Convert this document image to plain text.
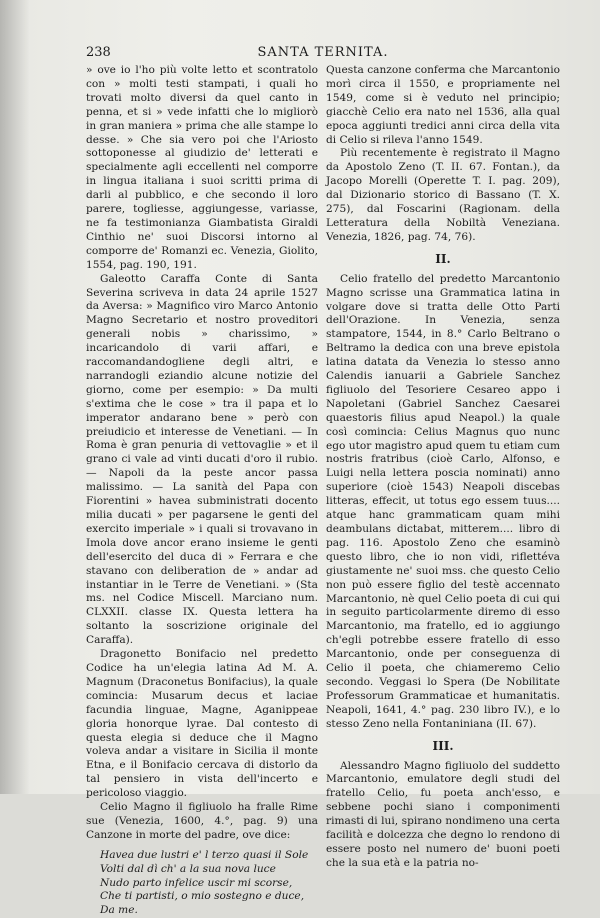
238	SANTA TERNITA.

» ove io l'ho più volte letto et scontratolo con » molti testi stampati, i quali ho trovati molto diversi da quel canto in penna, et si » vede infatti che lo migliorò in gran maniera » prima che alle stampe lo desse. » Che sia vero poi che l'Ariosto sottoponesse al giudizio de' letterati e specialmente agli eccellenti nel comporre in lingua italiana i suoi scritti prima di darli al pubblico, e che secondo il loro parere, togliesse, aggiungesse, variasse, ne fa testimonianza Giambatista Giraldi Cinthio ne' suoi Discorsi intorno al comporre de' Romanzi ec. Venezia, Giolito, 1554, pag. 190, 191.

Galeotto Caraffa Conte di Santa Severina scriveva in data 24 aprile 1527 da Aversa: » Magnifico viro Marco Antonio Magno Secretario et nostro proveditori generali nobis » charissimo, » incaricandolo di varii affari, e raccomandandogliene degli altri, e narrandogli eziandio alcune notizie del giorno, come per esempio: » Da multi s'extima che le cose » tra il papa et lo imperator andarano bene » però con preiudicio et interesse de Venetiani. — In Roma è gran penuria di vettovaglie » et il grano ci vale ad vinti ducati d'oro il rubio. — Napoli da la peste ancor passa malissimo. — La sanità del Papa con Fiorentini » havea subministrati docento milia ducati » per pagarsene le genti del exercito imperiale » i quali si trovavano in Imola dove ancor erano insieme le genti dell'esercito del duca di » Ferrara e che stavano con deliberation de » andar ad instantiar in le Terre de Venetiani. » (Sta ms. nel Codice Miscell. Marciano num. CLXXII. classe IX. Questa lettera ha soltanto la soscrizione originale del Caraffa).

Dragonetto Bonifacio nel predetto Codice ha un'elegia latina Ad M. A. Magnum (Draconetus Bonifacius), la quale comincia: Musarum decus et laciae facundia linguae, Magne, Aganippeae gloria honorque lyrae. Dal contesto di questa elegia si deduce che il Magno voleva andar a visitare in Sicilia il monte Etna, e il Bonifacio cercava di distorlo da tal pensiero in vista dell'incerto e pericoloso viaggio.

Celio Magno il figliuolo ha fralle Rime sue (Venezia, 1600, 4.°, pag. 9) una Canzone in morte del padre, ove dice:

Havea due lustri e' l terzo quasi il Sole
Volti dal dì ch' a la sua nova luce
Nudo parto infelice uscir mi scorse,
Che ti partisti, o mio sostegno e duce,
Da me.

Questa canzone conferma che Marcantonio morì circa il 1550, e propriamente nel 1549, come si è veduto nel principio; giacchè Celio era nato nel 1536, alla qual epoca aggiunti tredici anni circa della vita di Celio si rileva l'anno 1549.

Più recentemente è registrato il Magno da Apostolo Zeno (T. II. 67. Fontan.), da Jacopo Morelli (Operette T. I. pag. 209), dal Dizionario storico di Bassano (T. X. 275), dal Foscarini (Ragionam. della Letteratura della Nobiltà Veneziana. Venezia, 1826, pag. 74, 76).

II.

Celio fratello del predetto Marcantonio Magno scrisse una Grammatica latina in volgare dove si tratta delle Otto Parti dell'Orazione. In Venezia, senza stampatore, 1544, in 8.° Carlo Beltrano o Beltramo la dedica con una breve epistola latina datata da Venezia lo stesso anno Calendis ianuarii a Gabriele Sanchez figliuolo del Tesoriere Cesareo appo i Napoletani (Gabriel Sanchez Caesarei quaestoris filius apud Neapol.) la quale così comincia: Celius Magnus quo nunc ego utor magistro apud quem tu etiam cum nostris fratribus (cioè Carlo, Alfonso, e Luigi nella lettera poscia nominati) anno superiore (cioè 1543) Neapoli discebas litteras, effecit, ut totus ego essem tuus.... atque hanc grammaticam quam mihi deambulans dictabat, mitterem.... libro di pag. 116. Apostolo Zeno che esaminò questo libro, che io non vidi, riflettéva giustamente ne' suoi mss. che questo Celio non può essere figlio del testè accennato Marcantonio, nè quel Celio poeta di cui qui in seguito particolarmente diremo di esso Marcantonio, ma fratello, ed io aggiungo ch'egli potrebbe essere fratello di esso Marcantonio, onde per conseguenza di Celio il poeta, che chiameremo Celio secondo. Veggasi lo Spera (De Nobilitate Professorum Grammaticae et humanitatis. Neapoli, 1641, 4.° pag. 230 libro IV.), e lo stesso Zeno nella Fontaniniana (II. 67).

III.

Alessandro Magno figliuolo del suddetto Marcantonio, emulatore degli studi del fratello Celio, fu poeta anch'esso, e sebbene pochi siano i componimenti rimasti di lui, spirano nondimeno una certa facilità e dolcezza che degno lo rendono di essere posto nel numero de' buoni poeti che la sua età e la patria no-
